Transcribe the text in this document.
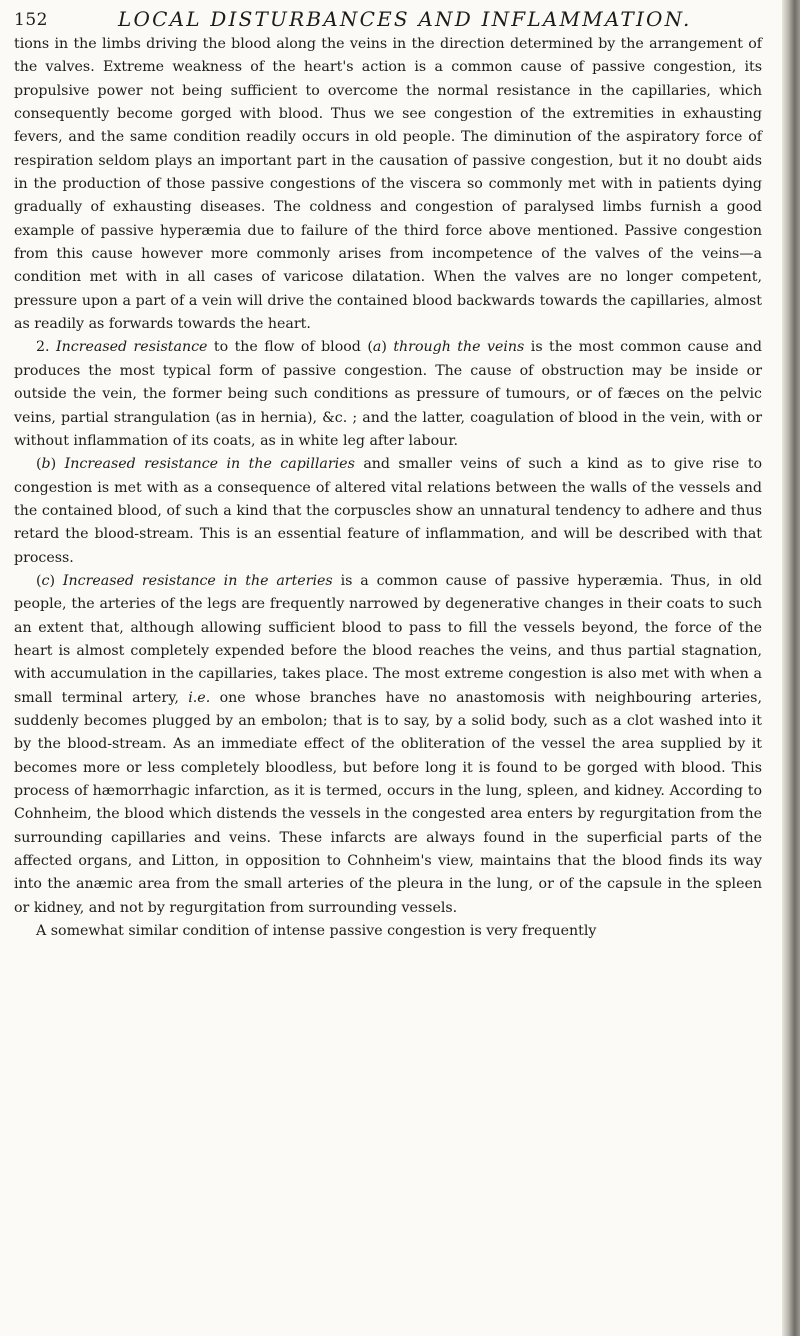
152	LOCAL DISTURBANCES AND INFLAMMATION.

tions in the limbs driving the blood along the veins in the direction determined by the arrangement of the valves. Extreme weakness of the heart's action is a common cause of passive congestion, its propulsive power not being sufficient to overcome the normal resistance in the capillaries, which consequently become gorged with blood. Thus we see congestion of the extremities in exhausting fevers, and the same condition readily occurs in old people. The diminution of the aspiratory force of respiration seldom plays an important part in the causation of passive congestion, but it no doubt aids in the production of those passive congestions of the viscera so commonly met with in patients dying gradually of exhausting diseases. The coldness and congestion of paralysed limbs furnish a good example of passive hyperæmia due to failure of the third force above mentioned. Passive congestion from this cause however more commonly arises from incompetence of the valves of the veins—a condition met with in all cases of varicose dilatation. When the valves are no longer competent, pressure upon a part of a vein will drive the contained blood backwards towards the capillaries, almost as readily as forwards towards the heart.

2. Increased resistance to the flow of blood (a) through the veins is the most common cause and produces the most typical form of passive congestion. The cause of obstruction may be inside or outside the vein, the former being such conditions as pressure of tumours, or of fæces on the pelvic veins, partial strangulation (as in hernia), &c. ; and the latter, coagulation of blood in the vein, with or without inflammation of its coats, as in white leg after labour.

(b) Increased resistance in the capillaries and smaller veins of such a kind as to give rise to congestion is met with as a consequence of altered vital relations between the walls of the vessels and the contained blood, of such a kind that the corpuscles show an unnatural tendency to adhere and thus retard the blood-stream. This is an essential feature of inflammation, and will be described with that process.

(c) Increased resistance in the arteries is a common cause of passive hyperæmia. Thus, in old people, the arteries of the legs are frequently narrowed by degenerative changes in their coats to such an extent that, although allowing sufficient blood to pass to fill the vessels beyond, the force of the heart is almost completely expended before the blood reaches the veins, and thus partial stagnation, with accumulation in the capillaries, takes place. The most extreme congestion is also met with when a small terminal artery, i.e. one whose branches have no anastomosis with neighbouring arteries, suddenly becomes plugged by an embolon; that is to say, by a solid body, such as a clot washed into it by the blood-stream. As an immediate effect of the obliteration of the vessel the area supplied by it becomes more or less completely bloodless, but before long it is found to be gorged with blood. This process of hæmorrhagic infarction, as it is termed, occurs in the lung, spleen, and kidney. According to Cohnheim, the blood which distends the vessels in the congested area enters by regurgitation from the surrounding capillaries and veins. These infarcts are always found in the superficial parts of the affected organs, and Litton, in opposition to Cohnheim's view, maintains that the blood finds its way into the anæmic area from the small arteries of the pleura in the lung, or of the capsule in the spleen or kidney, and not by regurgitation from surrounding vessels.

A somewhat similar condition of intense passive congestion is very frequently
